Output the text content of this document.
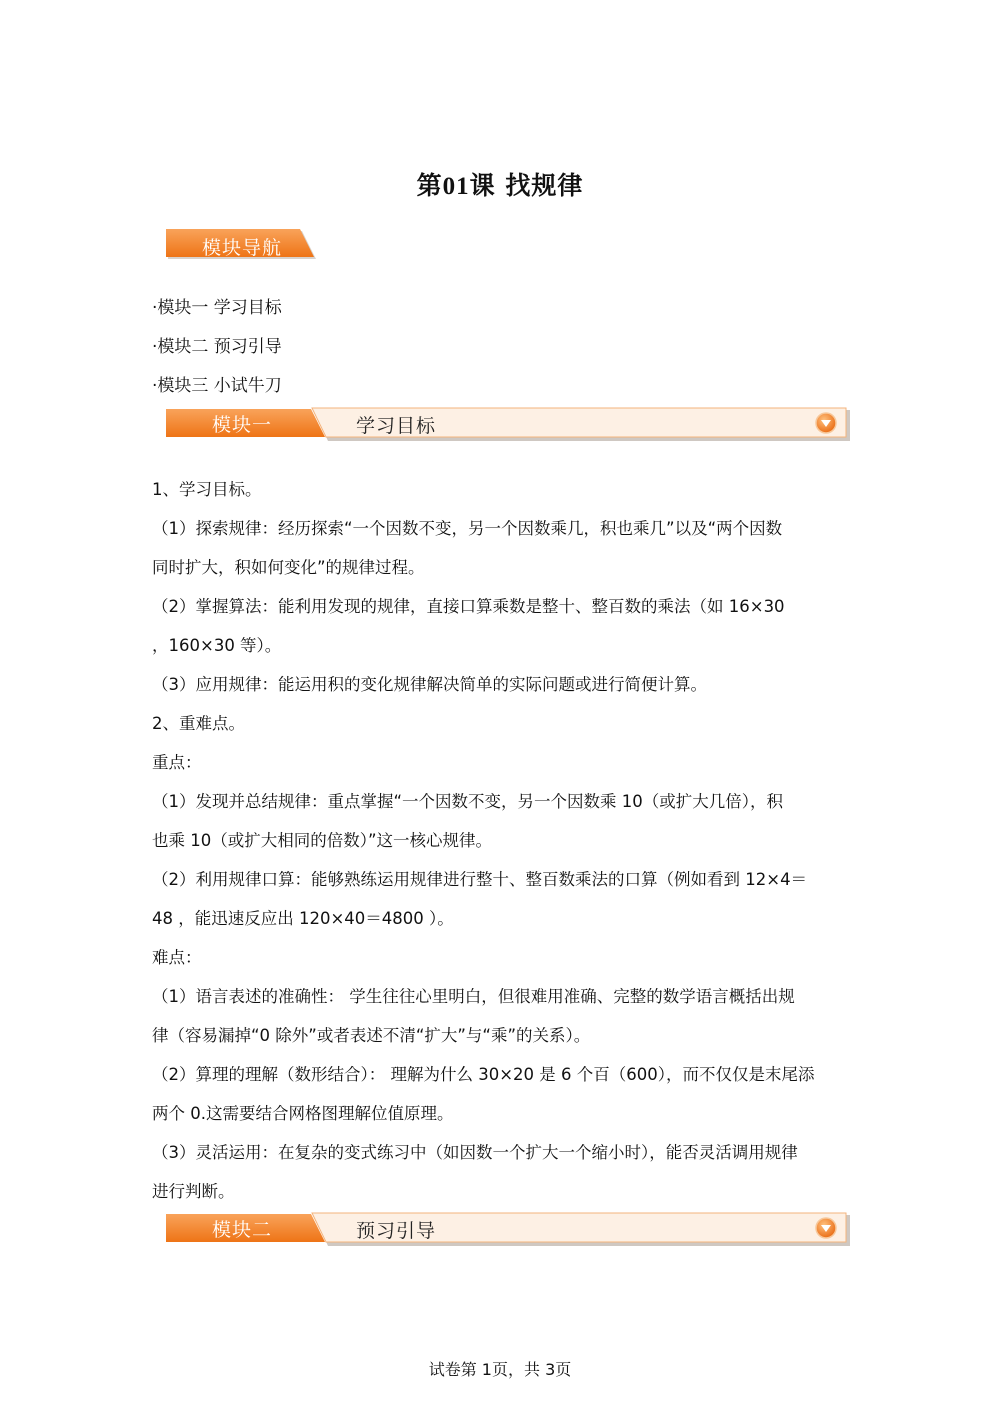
第01课 找规律
模块导航
·模块一 学习目标
·模块二 预习引导
·模块三 小试牛刀
模块一	学习目标

1、学习目标。

（1）探索规律：经历探索“一个因数不变，另一个因数乘几，积也乘几”以及“两个因数

同时扩大，积如何变化”的规律过程。

（2）掌握算法：能利用发现的规律，直接口算乘数是整十、整百数的乘法（如 16×30

，160×30 等）。

（3）应用规律：能运用积的变化规律解决简单的实际问题或进行简便计算。

2、重难点。

重点：

（1）发现并总结规律：重点掌握“一个因数不变，另一个因数乘 10（或扩大几倍），积

也乘 10（或扩大相同的倍数）”这一核心规律。

（2）利用规律口算：能够熟练运用规律进行整十、整百数乘法的口算（例如看到 12×4＝

48 ，能迅速反应出 120×40＝4800 ）。

难点：

（1）语言表述的准确性： 学生往往心里明白，但很难用准确、完整的数学语言概括出规

律（容易漏掉“0 除外”或者表述不清“扩大”与“乘”的关系）。

（2）算理的理解（数形结合）： 理解为什么 30×20 是 6 个百（600），而不仅仅是末尾添

两个 0.这需要结合网格图理解位值原理。

（3）灵活运用：在复杂的变式练习中（如因数一个扩大一个缩小时），能否灵活调用规律

进行判断。

模块二	预习引导
试卷第 1页，共 3页
